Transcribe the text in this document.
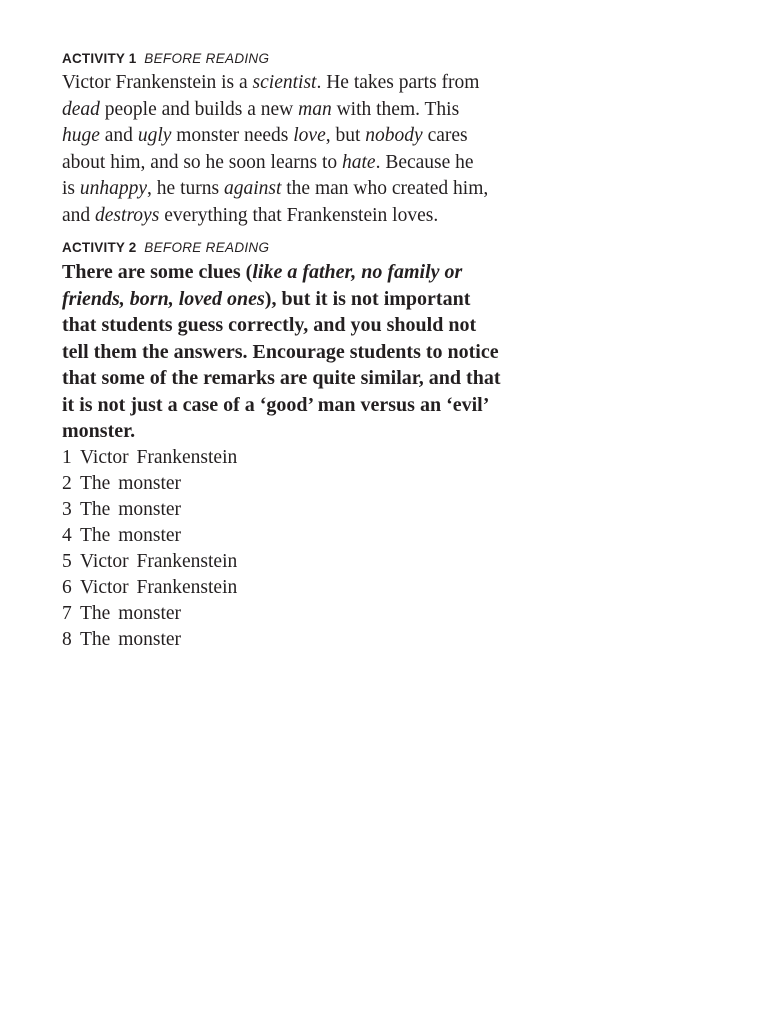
ACTIVITY 1 BEFORE READING
Victor Frankenstein is a scientist. He takes parts from
dead people and builds a new man with them. This
huge and ugly monster needs love, but nobody cares
about him, and so he soon learns to hate. Because he
is unhappy, he turns against the man who created him,
and destroys everything that Frankenstein loves.
ACTIVITY 2 BEFORE READING
There are some clues (like a father, no family or
friends, born, loved ones), but it is not important
that students guess correctly, and you should not
tell them the answers. Encourage students to notice
that some of the remarks are quite similar, and that
it is not just a case of a ‘good’ man versus an ‘evil’
monster.
1 Victor Frankenstein
2 The monster
3 The monster
4 The monster
5 Victor Frankenstein
6 Victor Frankenstein
7 The monster
8 The monster
